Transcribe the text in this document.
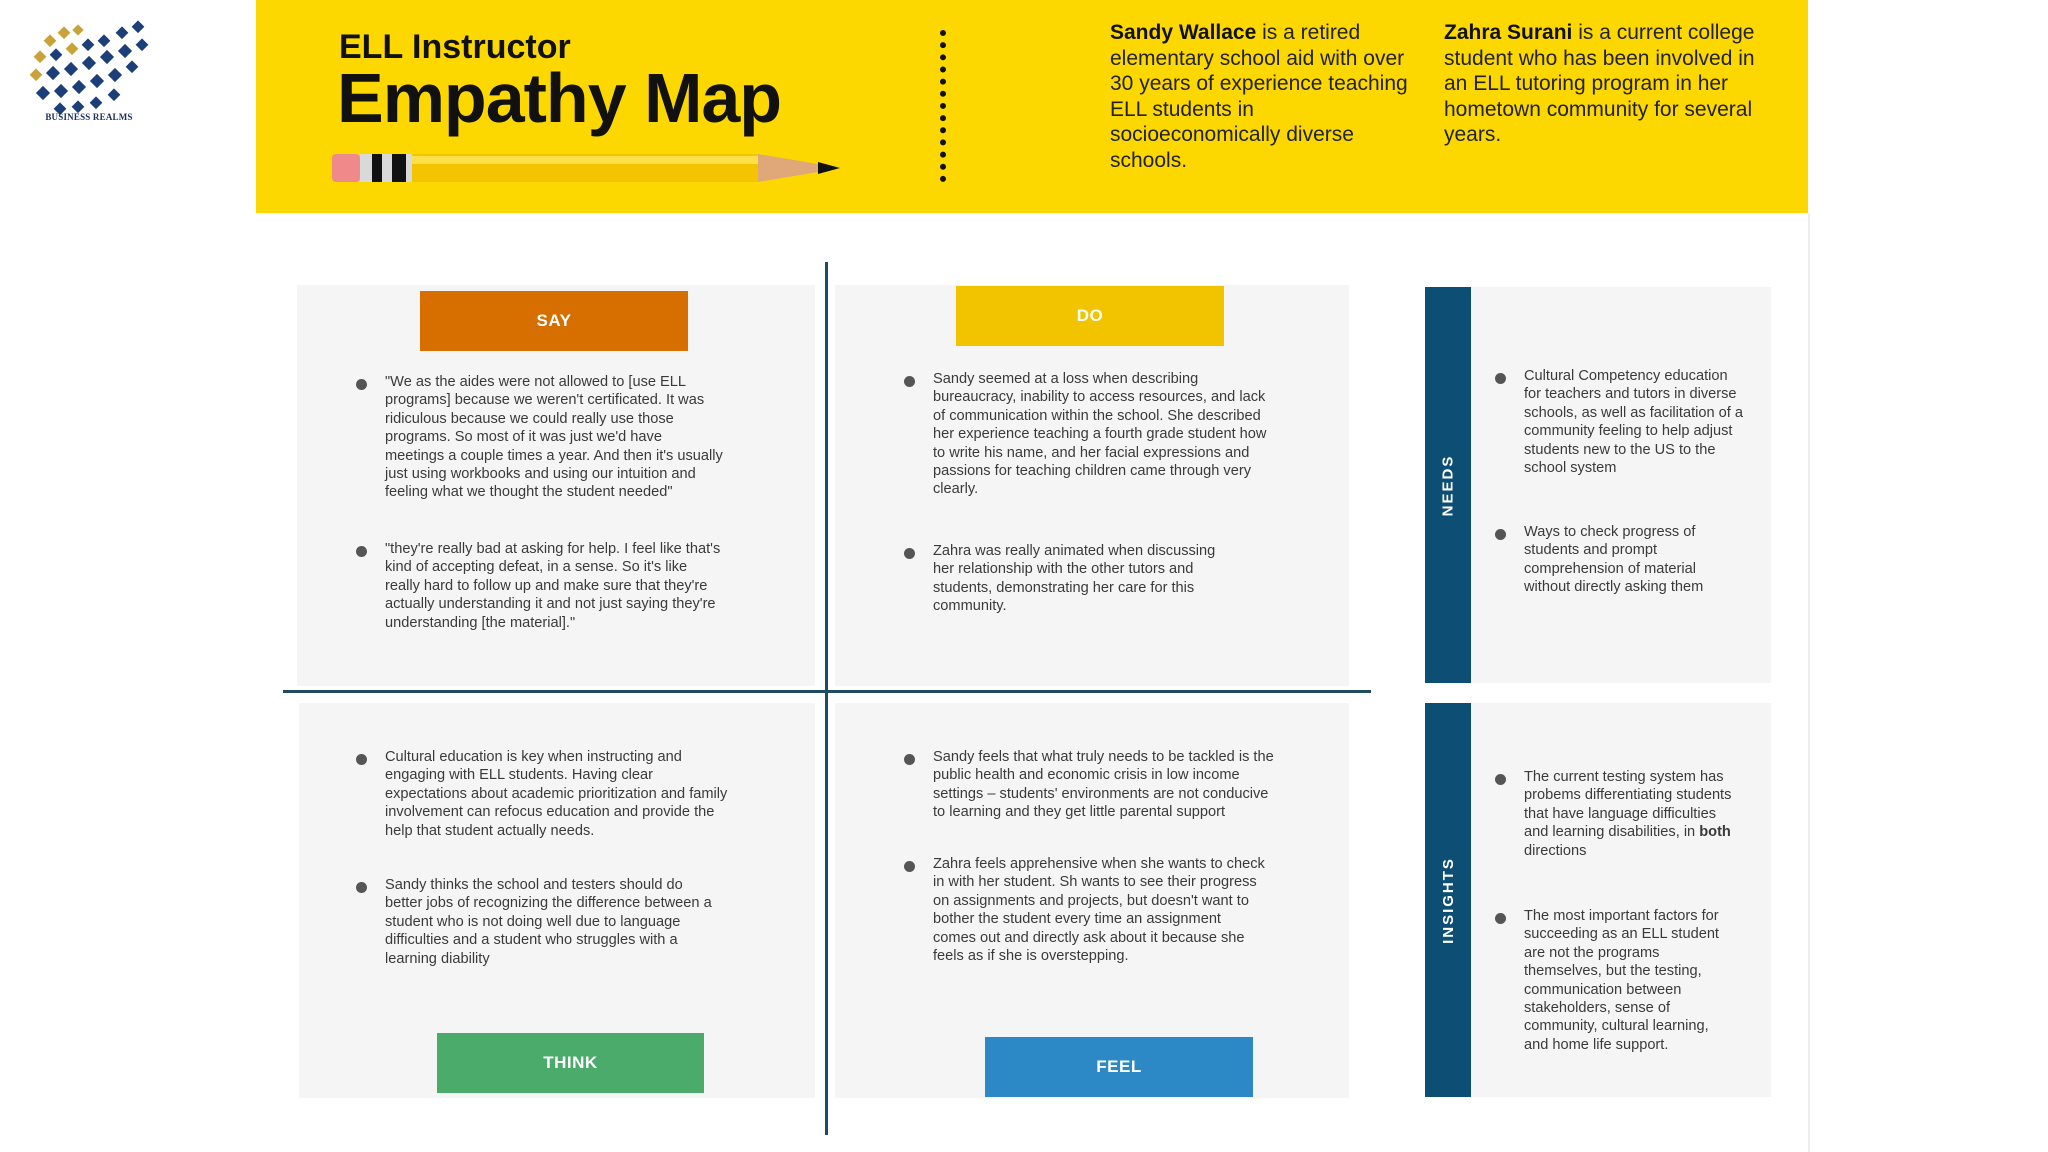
BUSINESS REALMS
ELL Instructor
Empathy Map
Sandy Wallace is a retired elementary school aid with over 30 years of experience teaching ELL students in socioeconomically diverse schools.
Zahra Surani is a current college student who has been involved in an ELL tutoring program in her hometown community for several years.
"We as the aides were not allowed to [use ELL programs] because we weren't certificated. It was ridiculous because we could really use those programs. So most of it was just we'd have meetings a couple times a year. And then it's usually just using workbooks and using our intuition and feeling what we thought the student needed"
"they're really bad at asking for help. I feel like that's kind of accepting defeat, in a sense. So it's like really hard to follow up and make sure that they're actually understanding it and not just saying they're understanding [the material]."
Sandy seemed at a loss when describing bureaucracy, inability to access resources, and lack of communication within the school. She described her experience teaching a fourth grade student how to write his name, and her facial expressions and passions for teaching children came through very clearly.
Zahra was really animated when discussing her relationship with the other tutors and students, demonstrating her care for this community.
Cultural education is key when instructing and engaging with ELL students. Having clear expectations about academic prioritization and family involvement can refocus education and provide the help that student actually needs.
Sandy thinks the school and testers should do better jobs of recognizing the difference between a student who is not doing well due to language difficulties and a student who struggles with a learning diability
Sandy feels that what truly needs to be tackled is the public health and economic crisis in low income settings – students' environments are not conducive to learning and they get little parental support
Zahra feels apprehensive when she wants to check in with her student. Sh wants to see their progress on assignments and projects, but doesn't want to bother the student every time an assignment comes out and directly ask about it because she feels as if she is overstepping.
SAY	DO
THINK	FEEL
Cultural Competency education for teachers and tutors in diverse schools, as well as facilitation of a community feeling to help adjust students new to the US to the school system
Ways to check progress of students and prompt comprehension of material without directly asking them
NEEDS
The current testing system has probems differentiating students that have language difficulties and learning disabilities, in both directions
The most important factors for succeeding as an ELL student are not the programs themselves, but the testing, communication between stakeholders, sense of community, cultural learning, and home life support.
INSIGHTS
